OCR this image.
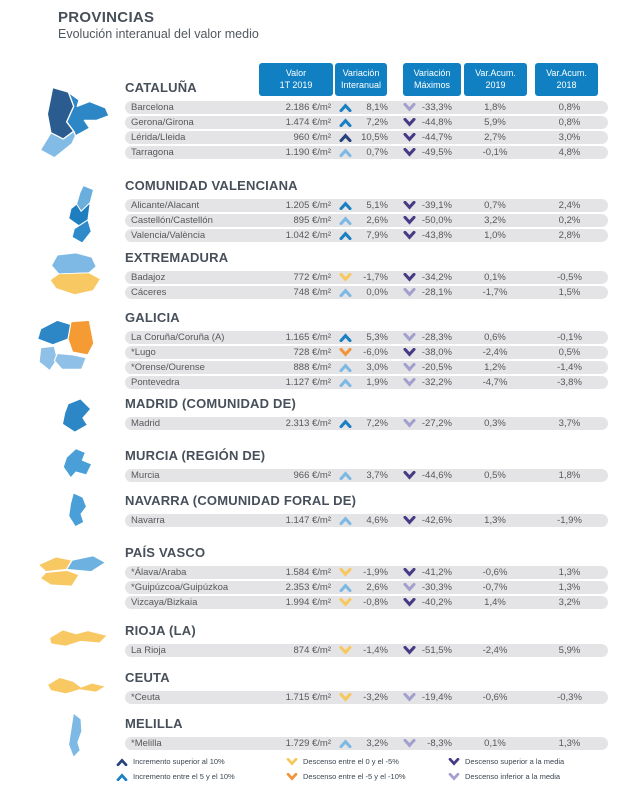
PROVINCIAS
Evolución interanual del valor medio
Valor
1T 2019
Variación
Interanual
Variación
Máximos
Var.Acum.
2019
Var.Acum.
2018
CATALUÑA
Barcelona	2.186 €/m²	8,1%	-33,3%	1,8%	0,8%
Gerona/Girona	1.474 €/m²	7,2%	-44,8%	5,9%	0,8%
Lérida/Lleida	960 €/m²	10,5%	-44,7%	2,7%	3,0%
Tarragona	1.190 €/m²	0,7%	-49,5%	-0,1%	4,8%
COMUNIDAD VALENCIANA
Alicante/Alacant	1.205 €/m²	5,1%	-39,1%	0,7%	2,4%
Castellón/Castellón	895 €/m²	2,6%	-50,0%	3,2%	0,2%
Valencia/València	1.042 €/m²	7,9%	-43,8%	1,0%	2,8%
EXTREMADURA
Badajoz	772 €/m²	-1,7%	-34,2%	0,1%	-0,5%
Cáceres	748 €/m²	0,0%	-28,1%	-1,7%	1,5%
GALICIA
La Coruña/Coruña (A)	1.165 €/m²	5,3%	-28,3%	0,6%	-0,1%
*Lugo	728 €/m²	-6,0%	-38,0%	-2,4%	0,5%
*Orense/Ourense	888 €/m²	3,0%	-20,5%	1,2%	-1,4%
Pontevedra	1.127 €/m²	1,9%	-32,2%	-4,7%	-3,8%
MADRID (COMUNIDAD DE)
Madrid	2.313 €/m²	7,2%	-27,2%	0,3%	3,7%
MURCIA (REGIÓN DE)
Murcia	966 €/m²	3,7%	-44,6%	0,5%	1,8%
NAVARRA (COMUNIDAD FORAL DE)
Navarra	1.147 €/m²	4,6%	-42,6%	1,3%	-1,9%
PAÍS VASCO
*Álava/Araba	1.584 €/m²	-1,9%	-41,2%	-0,6%	1,3%
*Guipúzcoa/Guipúzkoa	2.353 €/m²	2,6%	-30,3%	-0,7%	1,3%
Vizcaya/Bizkaia	1.994 €/m²	-0,8%	-40,2%	1,4%	3,2%
RIOJA (LA)
La Rioja	874 €/m²	-1,4%	-51,5%	-2,4%	5,9%
CEUTA
*Ceuta	1.715 €/m²	-3,2%	-19,4%	-0,6%	-0,3%
MELILLA
*Melilla	1.729 €/m²	3,2%	-8,3%	0,1%	1,3%
Incremento superior al 10%
Incremento entre el 5 y el 10%
Descenso entre el 0 y el -5%
Descenso entre el -5 y el -10%
Descenso superior a la media
Descenso inferior a la media
